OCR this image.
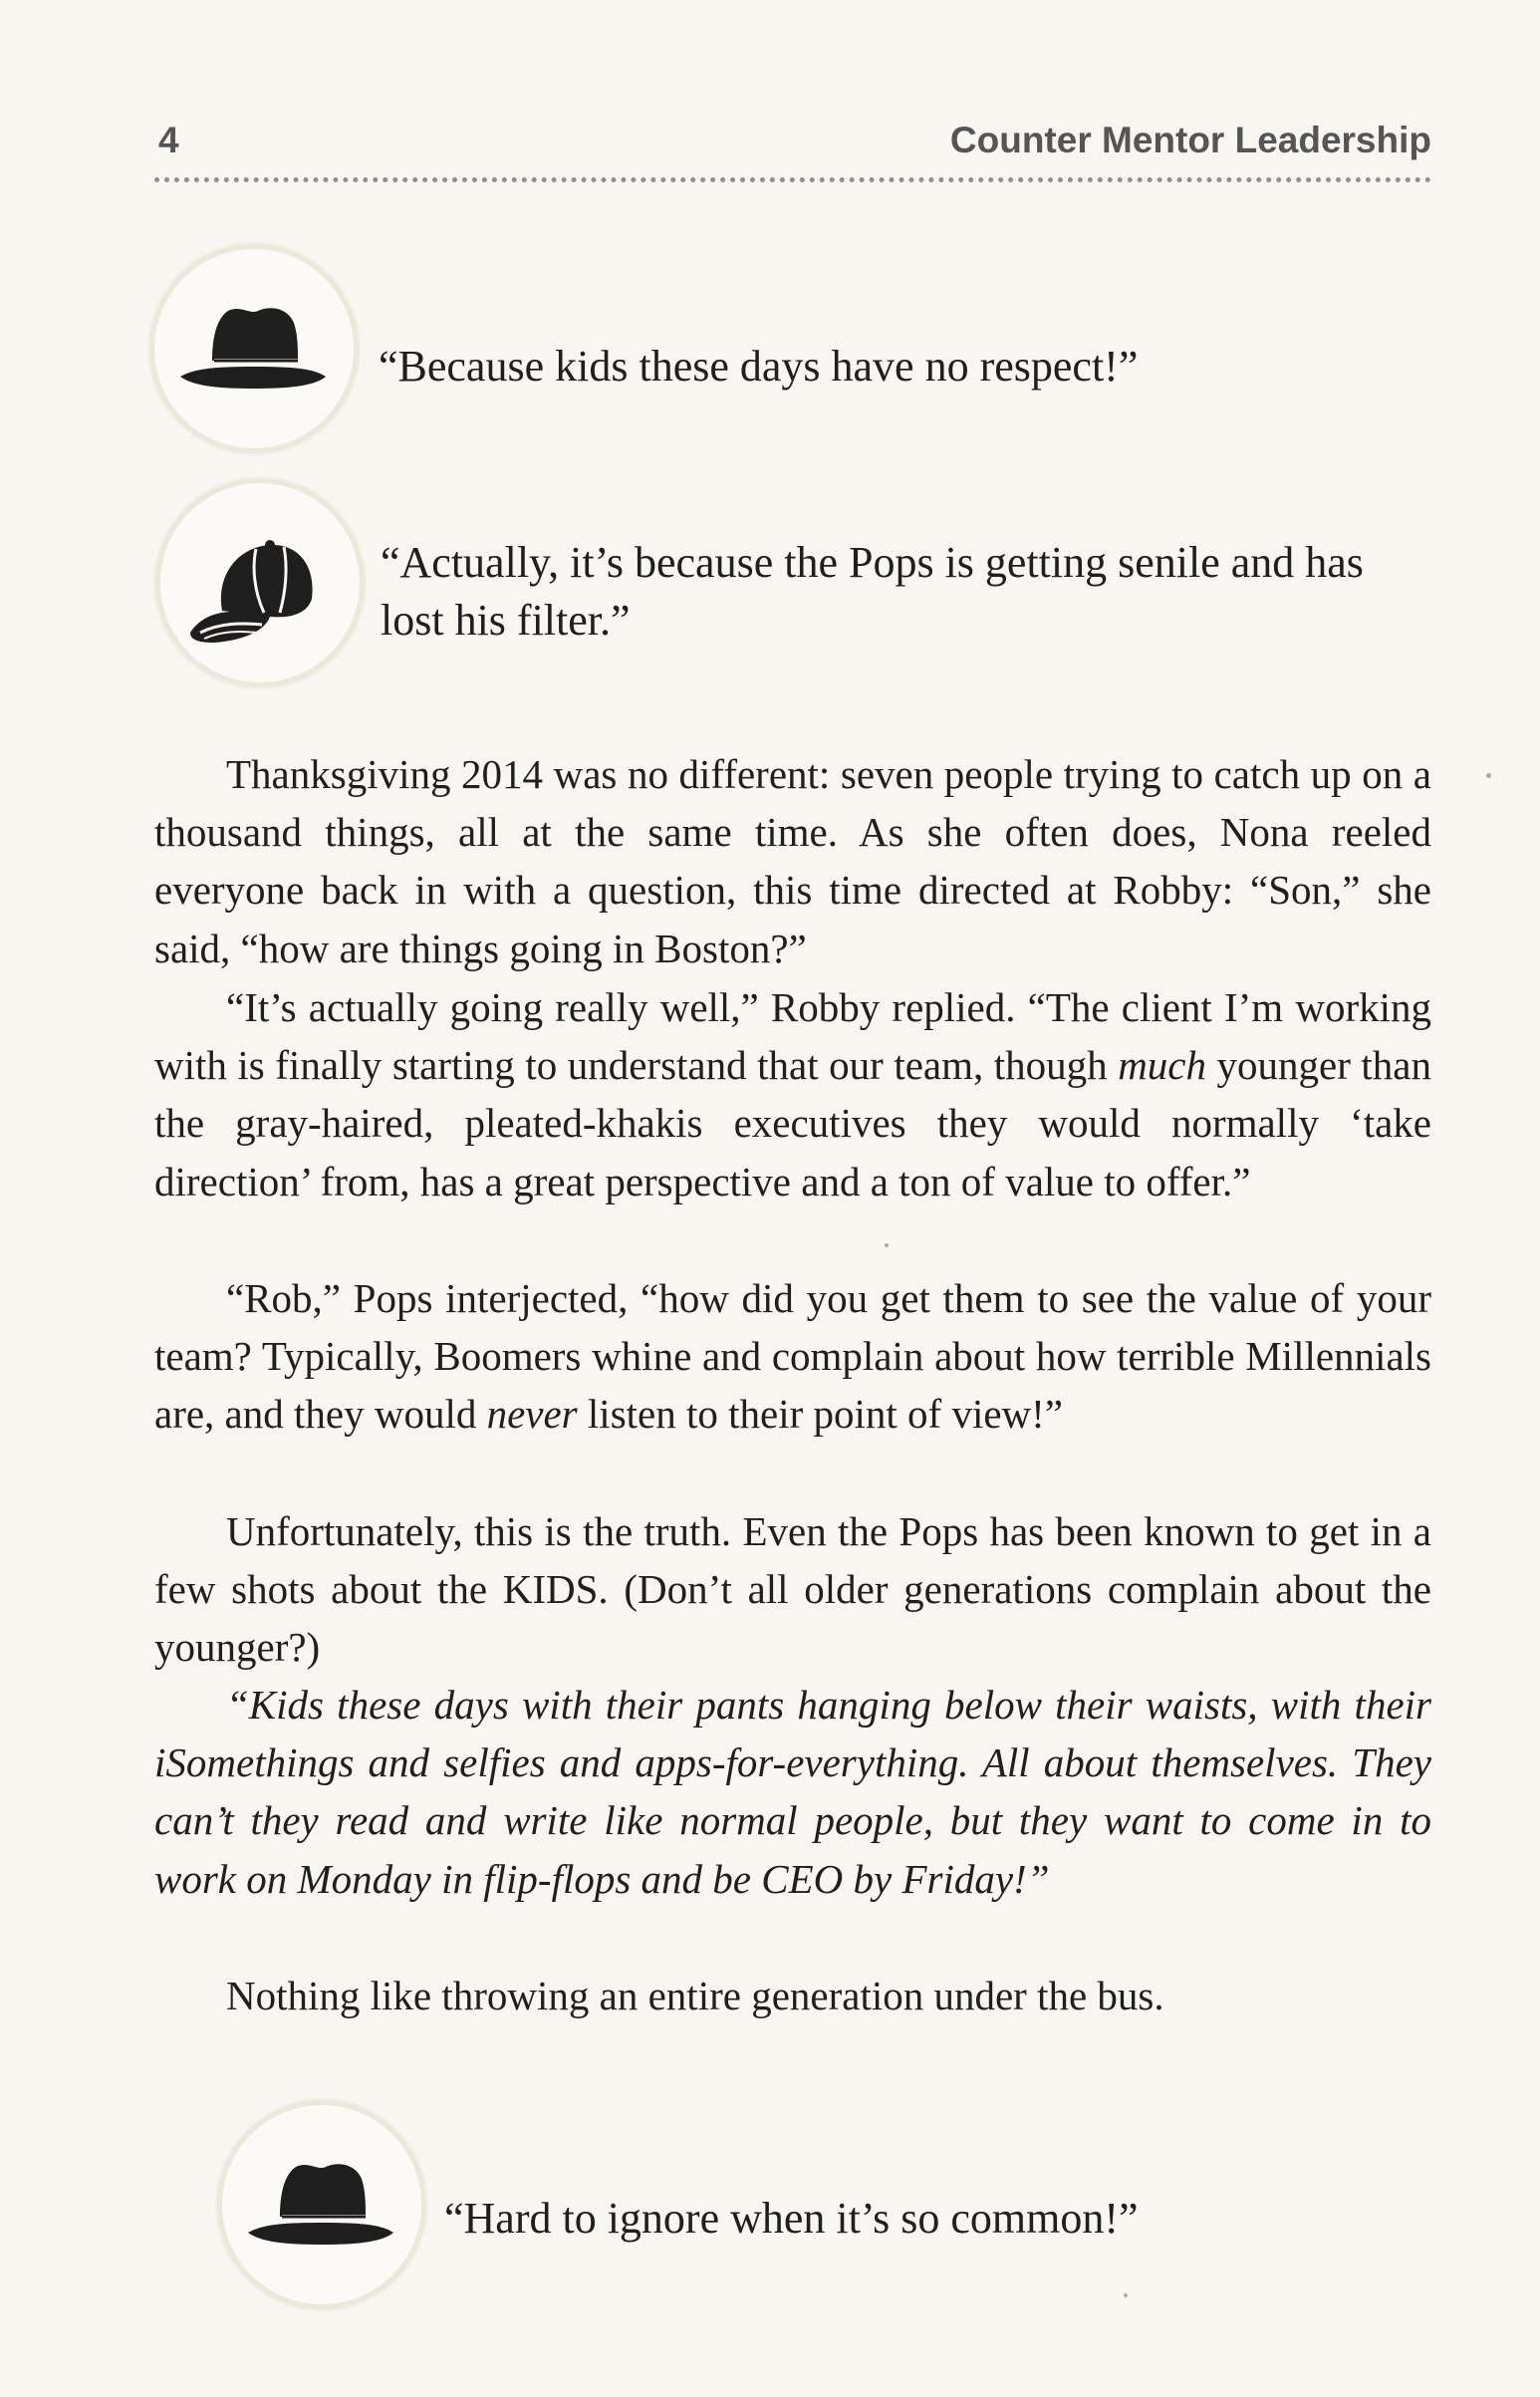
4	Counter Mentor Leadership
“Because kids these days have no respect!”
“Actually, it’s because the Pops is getting senile and has lost his filter.”

Thanksgiving 2014 was no different: seven people trying to catch up on a thousand things, all at the same time. As she often does, Nona reeled everyone back in with a question, this time directed at Robby: “Son,” she said, “how are things going in Boston?”

“It’s actually going really well,” Robby replied. “The client I’m working with is finally starting to understand that our team, though much younger than the gray-haired, pleated-khakis executives they would normally ‘take direction’ from, has a great perspective and a ton of value to offer.”

“Rob,” Pops interjected, “how did you get them to see the value of your team? Typically, Boomers whine and complain about how terrible Millennials are, and they would never listen to their point of view!”

Unfortunately, this is the truth. Even the Pops has been known to get in a few shots about the KIDS. (Don’t all older generations complain about the younger?)

“Kids these days with their pants hanging below their waists, with their iSomethings and selfies and apps-for-everything. All about themselves. They can’t they read and write like normal people, but they want to come in to work on Monday in flip-flops and be CEO by Friday!”

Nothing like throwing an entire generation under the bus.

“Hard to ignore when it’s so common!”
